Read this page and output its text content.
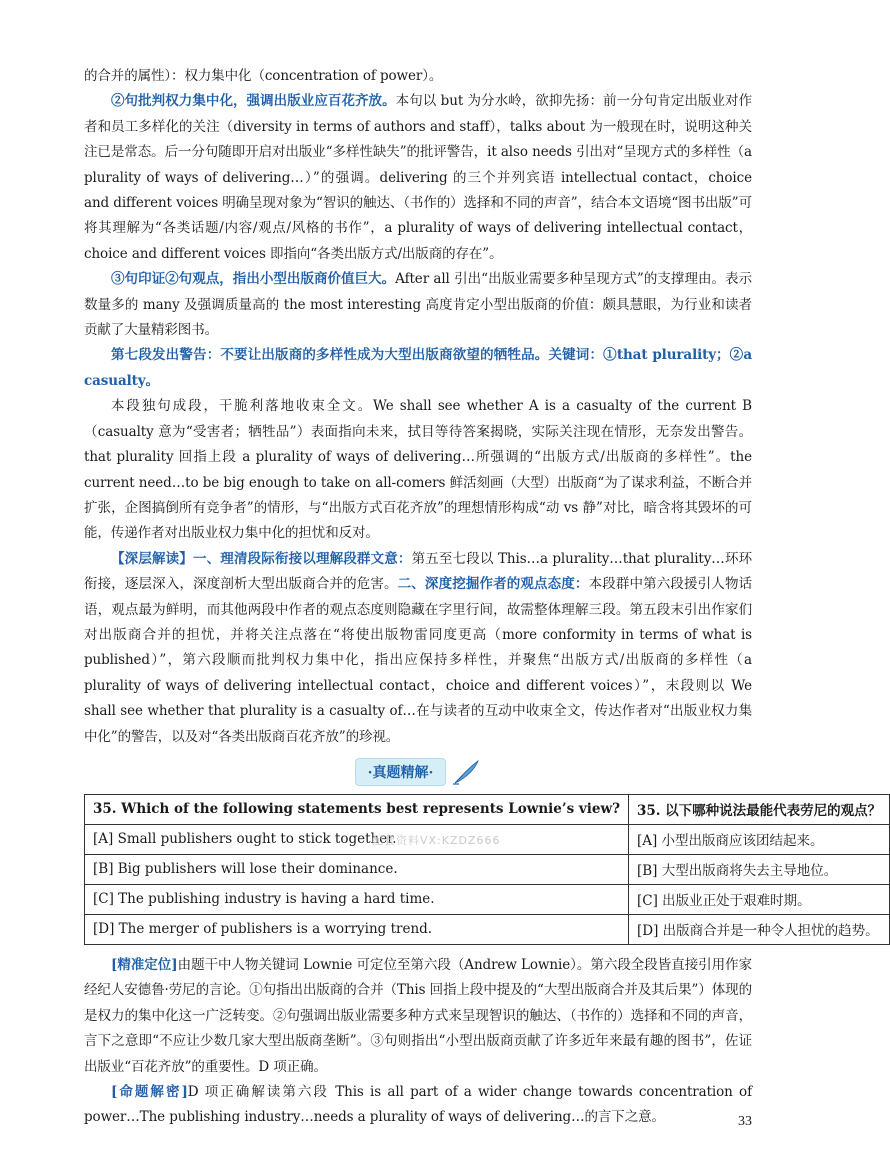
的合并的属性）：权力集中化（concentration of power）。

②句批判权力集中化，强调出版业应百花齐放。本句以 but 为分水岭，欲抑先扬：前一分句肯定出版业对作者和员工多样化的关注（diversity in terms of authors and staff），talks about 为一般现在时，说明这种关注已是常态。后一分句随即开启对出版业“多样性缺失”的批评警告，it also needs 引出对“呈现方式的多样性（a plurality of ways of delivering…）”的强调。delivering 的三个并列宾语 intellectual contact，choice and different voices 明确呈现对象为“智识的触达、（书作的）选择和不同的声音”，结合本文语境“图书出版”可将其理解为“各类话题/内容/观点/风格的书作”，a plurality of ways of delivering intellectual contact，choice and different voices 即指向“各类出版方式/出版商的存在”。

③句印证②句观点，指出小型出版商价值巨大。After all 引出“出版业需要多种呈现方式”的支撑理由。表示数量多的 many 及强调质量高的 the most interesting 高度肯定小型出版商的价值：颇具慧眼，为行业和读者贡献了大量精彩图书。

第七段发出警告：不要让出版商的多样性成为大型出版商欲望的牺牲品。关键词：①that plurality；②a casualty。

本段独句成段，干脆利落地收束全文。We shall see whether A is a casualty of the current B（casualty 意为“受害者；牺牲品”）表面指向未来，拭目等待答案揭晓，实际关注现在情形，无奈发出警告。that plurality 回指上段 a plurality of ways of delivering…所强调的“出版方式/出版商的多样性”。the current need…to be big enough to take on all-comers 鲜活刻画（大型）出版商“为了谋求利益，不断合并扩张，企图搞倒所有竞争者”的情形，与“出版方式百花齐放”的理想情形构成“动 vs 静”对比，暗含将其毁坏的可能，传递作者对出版业权力集中化的担忧和反对。

【深层解读】一、理清段际衔接以理解段群文意：第五至七段以 This…a plurality…that plurality…环环衔接，逐层深入，深度剖析大型出版商合并的危害。二、深度挖掘作者的观点态度：本段群中第六段援引人物话语，观点最为鲜明，而其他两段中作者的观点态度则隐藏在字里行间，故需整体理解三段。第五段末引出作家们对出版商合并的担忧，并将关注点落在“将使出版物雷同度更高（more conformity in terms of what is published）”，第六段顺而批判权力集中化，指出应保持多样性，并聚焦“出版方式/出版商的多样性（a plurality of ways of delivering intellectual contact，choice and different voices）”，末段则以 We shall see whether that plurality is a casualty of…在与读者的互动中收束全文，传达作者对“出版业权力集中化”的警告，以及对“各类出版商百花齐放”的珍视。

·真题精解·
35. Which of the following statements best represents Lownie’s view?	35. 以下哪种说法最能代表劳尼的观点？
[A] Small publishers ought to stick together.	[A] 小型出版商应该团结起来。
[B] Big publishers will lose their dominance.	[B] 大型出版商将失去主导地位。
[C] The publishing industry is having a hard time.	[C] 出版业正处于艰难时期。
[D] The merger of publishers is a worrying trend.	[D] 出版商合并是一种令人担忧的趋势。

[精准定位]由题干中人物关键词 Lownie 可定位至第六段（Andrew Lownie）。第六段全段皆直接引用作家经纪人安德鲁·劳尼的言论。①句指出出版商的合并（This 回指上段中提及的“大型出版商合并及其后果”）体现的是权力的集中化这一广泛转变。②句强调出版业需要多种方式来呈现智识的触达、（书作的）选择和不同的声音，言下之意即“不应让少数几家大型出版商垄断”。③句则指出“小型出版商贡献了许多近年来最有趣的图书”，佐证出版业“百花齐放”的重要性。D 项正确。

[命题解密]D 项正确解读第六段 This is all part of a wider change towards concentration of power…The publishing industry…needs a plurality of ways of delivering…的言下之意。

配套资料VX:KZDZ666
33
